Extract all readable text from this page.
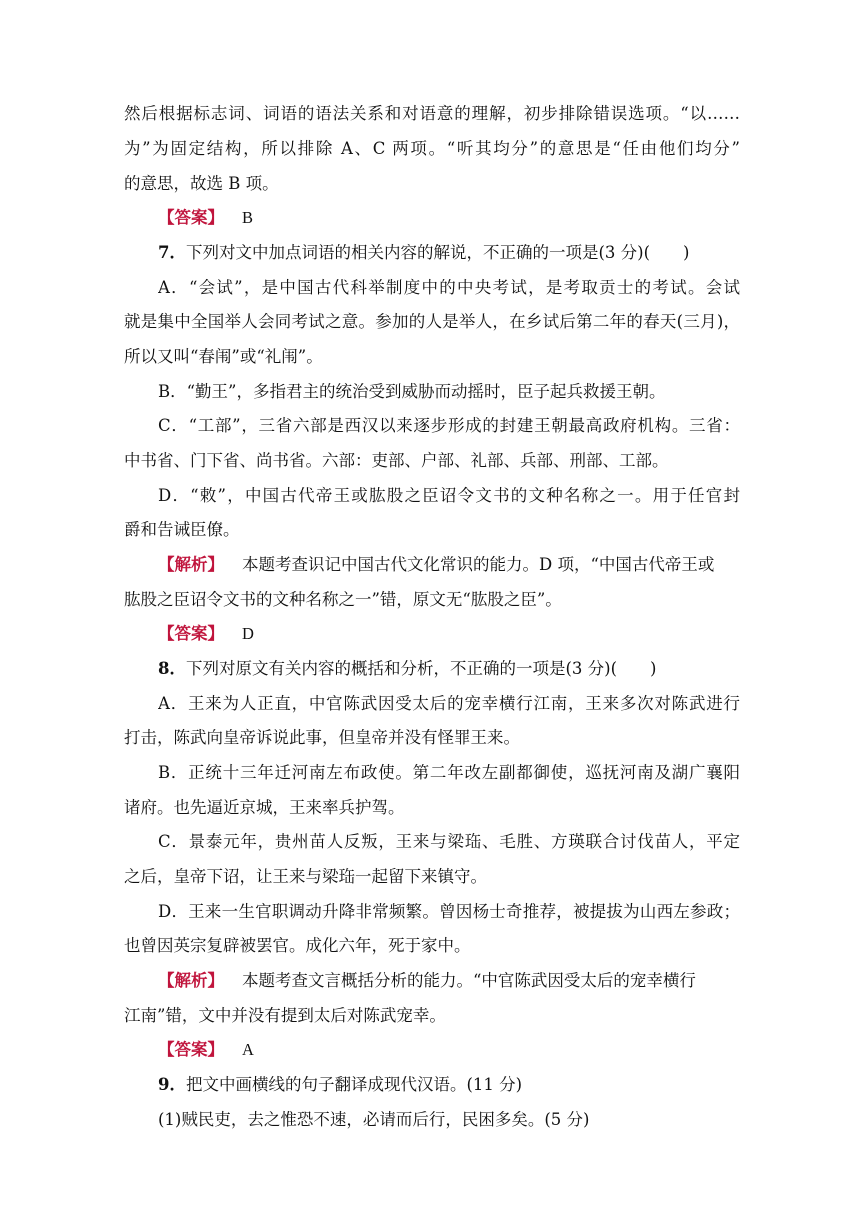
然后根据标志词、词语的语法关系和对语意的理解，初步排除错误选项。“以……
为”为固定结构，所以排除 A、C 两项。“听其均分”的意思是“任由他们均分”
的意思，故选 B 项。
【答案】 B
7．下列对文中加点词语的相关内容的解说，不正确的一项是(3 分)(　　)
A．“会试”，是中国古代科举制度中的中央考试，是考取贡士的考试。会试
就是集中全国举人会同考试之意。参加的人是举人，在乡试后第二年的春天(三月)，
所以又叫“春闱”或“礼闱”。
B．“勤王”，多指君主的统治受到威胁而动摇时，臣子起兵救援王朝。
C．“工部”，三省六部是西汉以来逐步形成的封建王朝最高政府机构。三省：
中书省、门下省、尚书省。六部：吏部、户部、礼部、兵部、刑部、工部。
D．“敕”，中国古代帝王或肱股之臣诏令文书的文种名称之一。用于任官封
爵和告诫臣僚。
【解析】 本题考查识记中国古代文化常识的能力。D 项，“中国古代帝王或
肱股之臣诏令文书的文种名称之一”错，原文无“肱股之臣”。
【答案】 D
8．下列对原文有关内容的概括和分析，不正确的一项是(3 分)(　　)
A．王来为人正直，中官陈武因受太后的宠幸横行江南，王来多次对陈武进行
打击，陈武向皇帝诉说此事，但皇帝并没有怪罪王来。
B．正统十三年迁河南左布政使。第二年改左副都御使，巡抚河南及湖广襄阳
诸府。也先逼近京城，王来率兵护驾。
C．景泰元年，贵州苗人反叛，王来与梁珤、毛胜、方瑛联合讨伐苗人，平定
之后，皇帝下诏，让王来与梁珤一起留下来镇守。
D．王来一生官职调动升降非常频繁。曾因杨士奇推荐，被提拔为山西左参政；
也曾因英宗复辟被罢官。成化六年，死于家中。
【解析】 本题考查文言概括分析的能力。“中官陈武因受太后的宠幸横行
江南”错，文中并没有提到太后对陈武宠幸。
【答案】 A
9．把文中画横线的句子翻译成现代汉语。(11 分)
(1)贼民吏，去之惟恐不速，必请而后行，民困多矣。(5 分)
